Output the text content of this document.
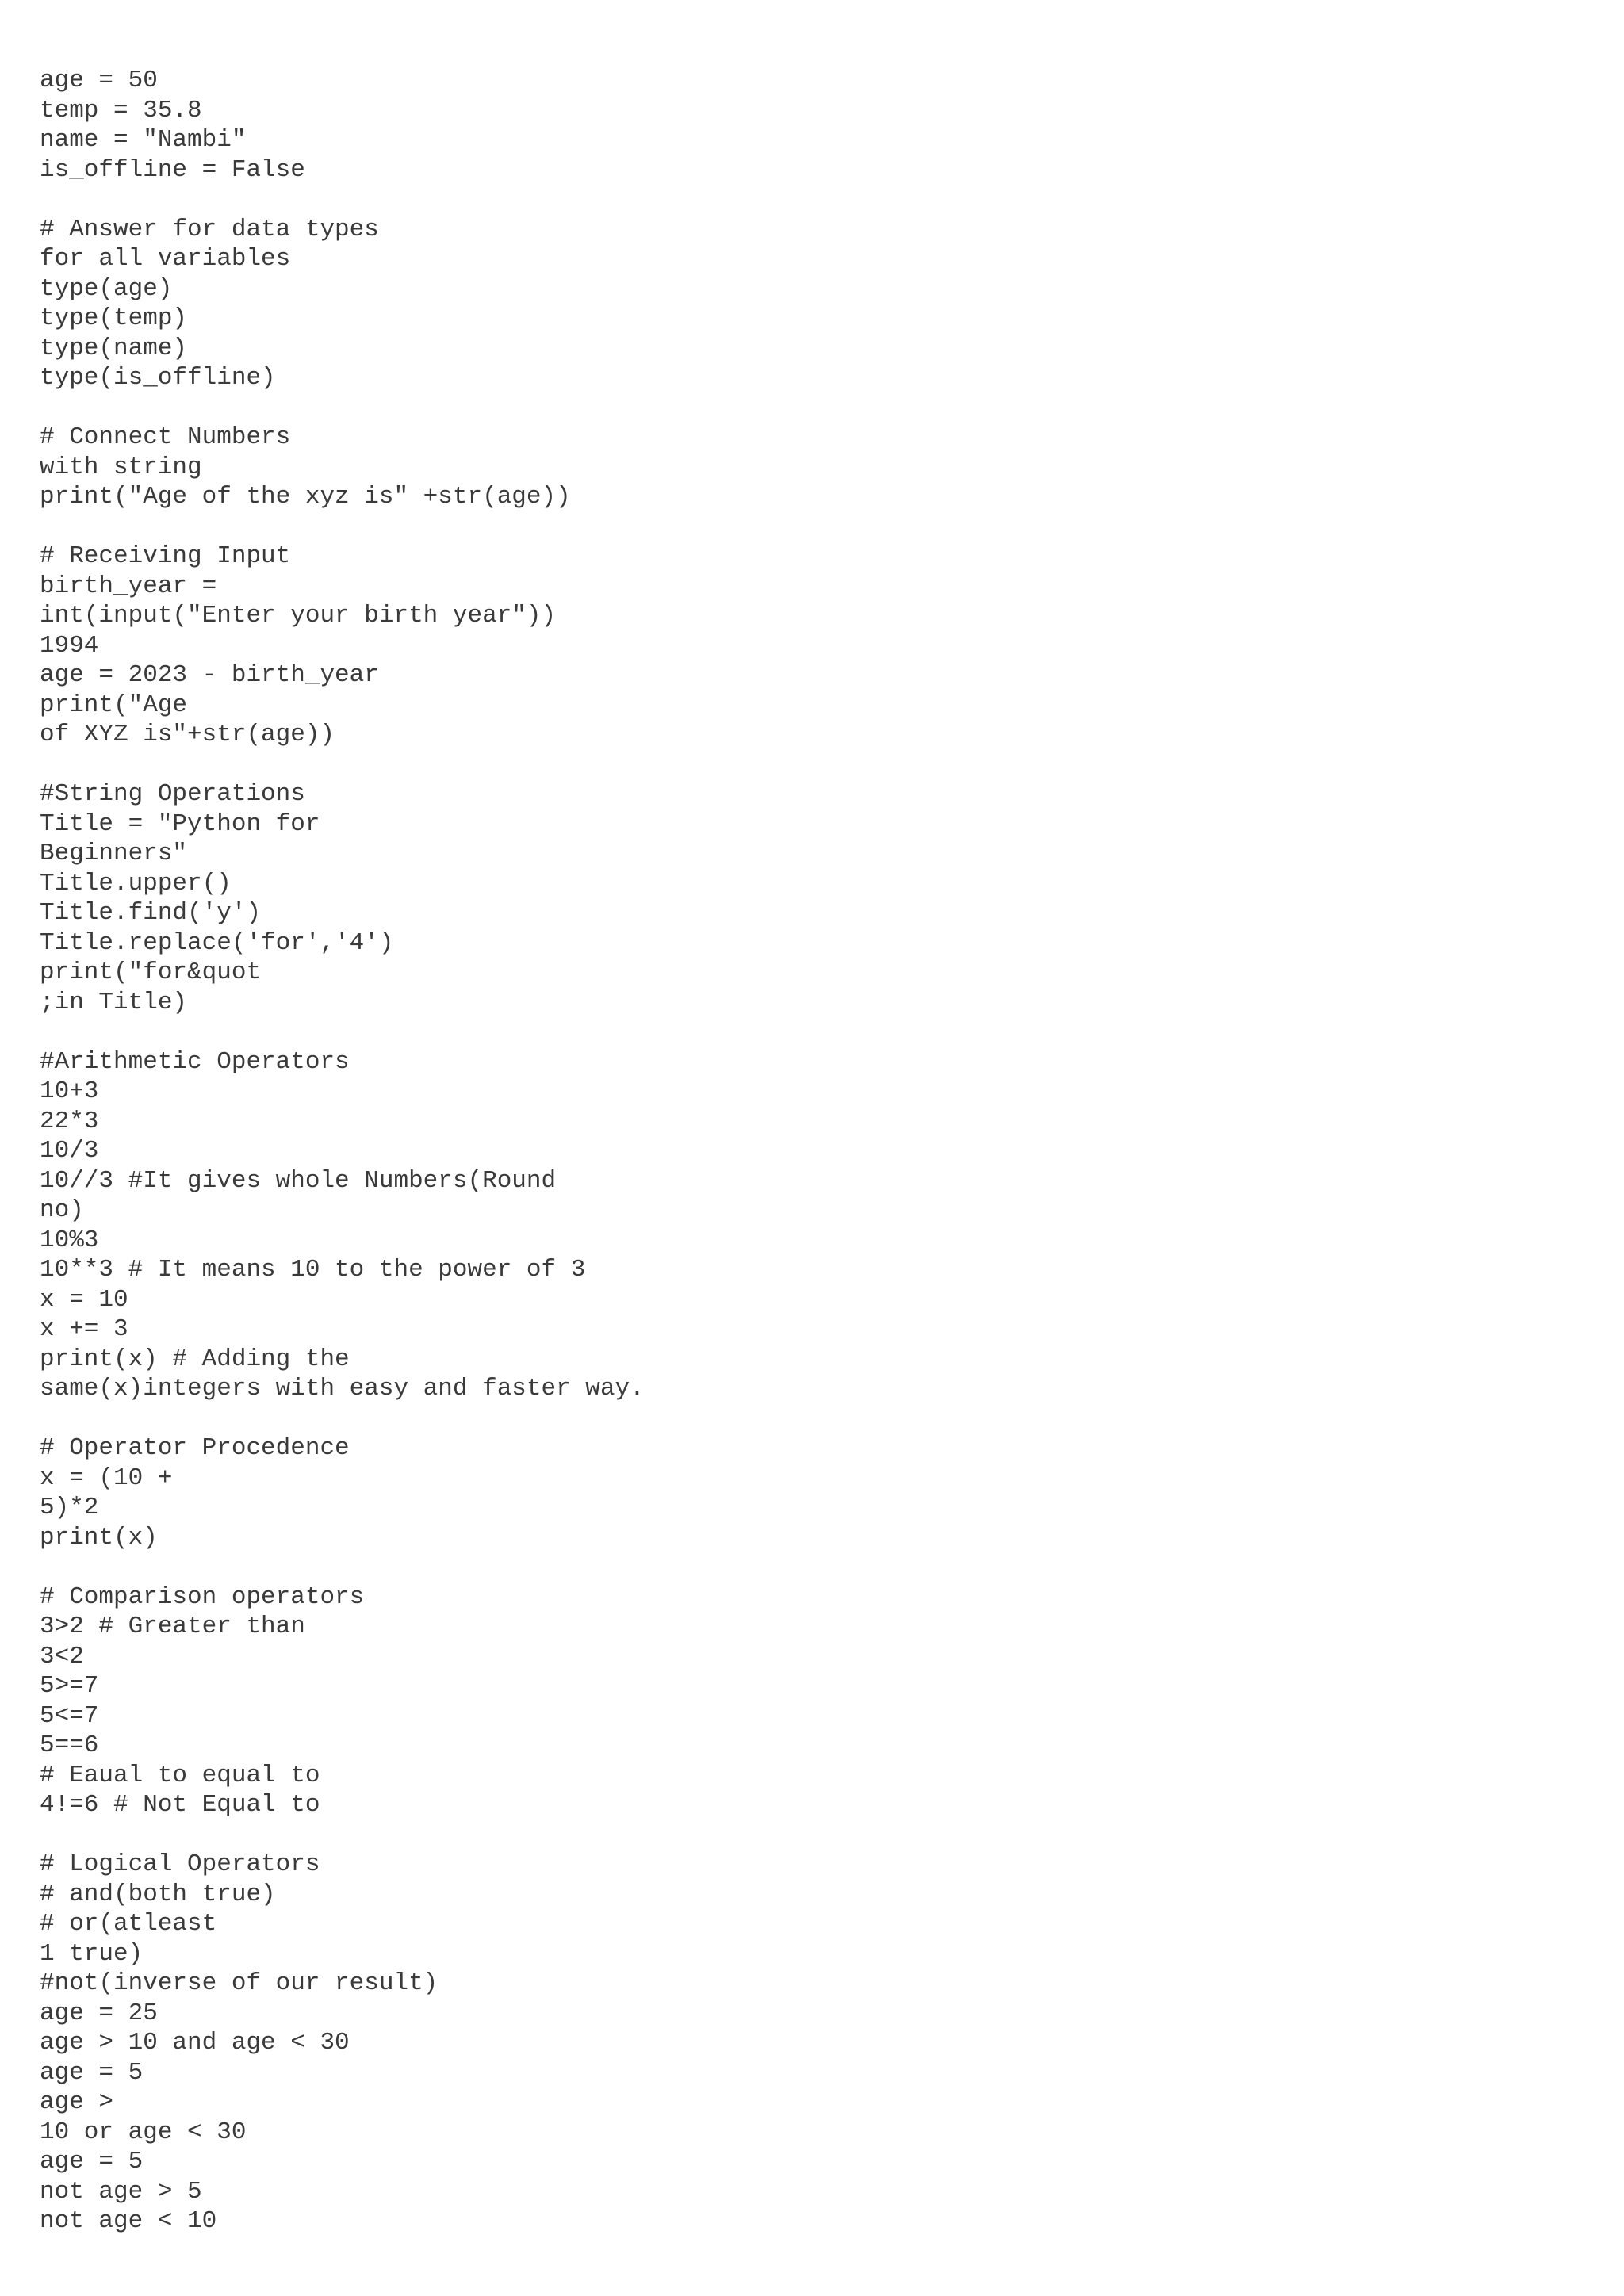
age = 50
temp = 35.8
name = "Nambi"
is_offline = False
# Answer for data types
for all variables
type(age)
type(temp)
type(name)
type(is_offline)
# Connect Numbers
with string
print("Age of the xyz is" +str(age))
# Receiving Input
birth_year =
int(input("Enter your birth year"))
1994
age = 2023 - birth_year
print("Age
of XYZ is"+str(age))
#String Operations
Title = "Python for
Beginners"
Title.upper()
Title.find('y')
Title.replace('for','4')
print("for&quot
;in Title)
#Arithmetic Operators
10+3
22*3
10/3
10//3 #It gives whole Numbers(Round
no)
10%3
10**3 # It means 10 to the power of 3
x = 10
x += 3
print(x) # Adding the
same(x)integers with easy and faster way.
# Operator Procedence
x = (10 +
5)*2
print(x)
# Comparison operators
3>2 # Greater than
3<2
5>=7
5<=7
5==6
# Eaual to equal to
4!=6 # Not Equal to
# Logical Operators
# and(both true)
# or(atleast
1 true)
#not(inverse of our result)
age = 25
age > 10 and age < 30
age = 5
age >
10 or age < 30
age = 5
not age > 5
not age < 10
